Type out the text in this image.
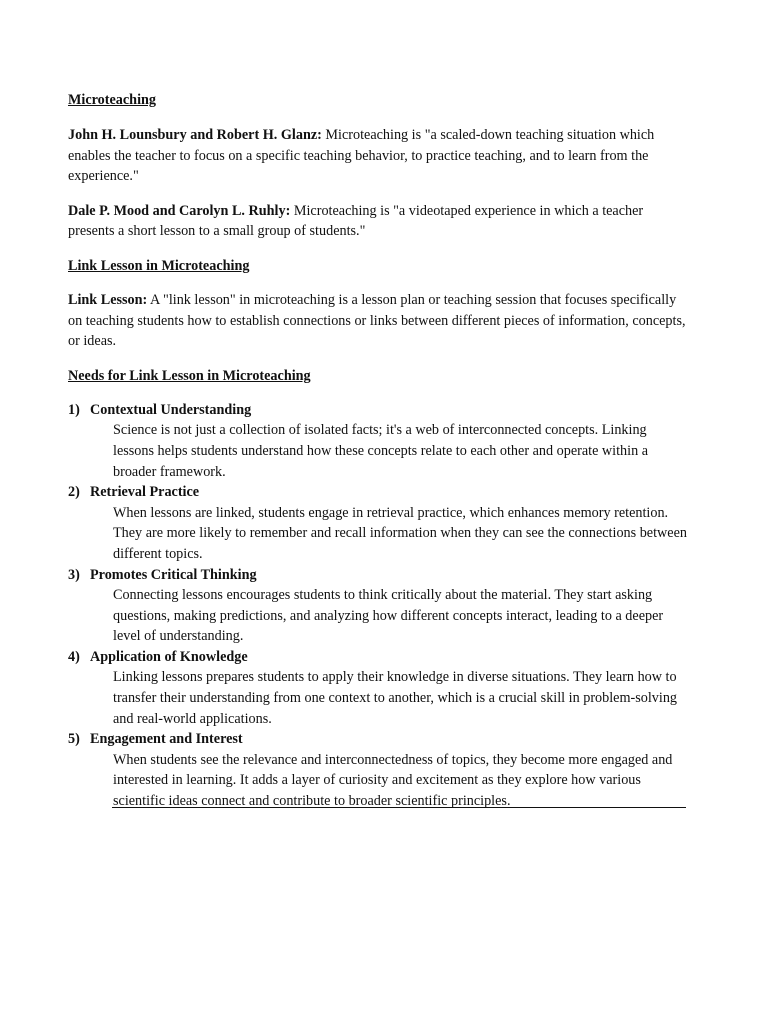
Microteaching

John H. Lounsbury and Robert H. Glanz: Microteaching is "a scaled-down teaching situation which enables the teacher to focus on a specific teaching behavior, to practice teaching, and to learn from the experience."

Dale P. Mood and Carolyn L. Ruhly: Microteaching is "a videotaped experience in which a teacher presents a short lesson to a small group of students."

Link Lesson in Microteaching

Link Lesson: A "link lesson" in microteaching is a lesson plan or teaching session that focuses specifically on teaching students how to establish connections or links between different pieces of information, concepts, or ideas.

Needs for Link Lesson in Microteaching

1) Contextual Understanding
Science is not just a collection of isolated facts; it's a web of interconnected concepts. Linking lessons helps students understand how these concepts relate to each other and operate within a broader framework.
2) Retrieval Practice
When lessons are linked, students engage in retrieval practice, which enhances memory retention. They are more likely to remember and recall information when they can see the connections between different topics.
3) Promotes Critical Thinking
Connecting lessons encourages students to think critically about the material. They start asking questions, making predictions, and analyzing how different concepts interact, leading to a deeper level of understanding.
4) Application of Knowledge
Linking lessons prepares students to apply their knowledge in diverse situations. They learn how to transfer their understanding from one context to another, which is a crucial skill in problem-solving and real-world applications.
5) Engagement and Interest
When students see the relevance and interconnectedness of topics, they become more engaged and interested in learning. It adds a layer of curiosity and excitement as they explore how various scientific ideas connect and contribute to broader scientific principles.
